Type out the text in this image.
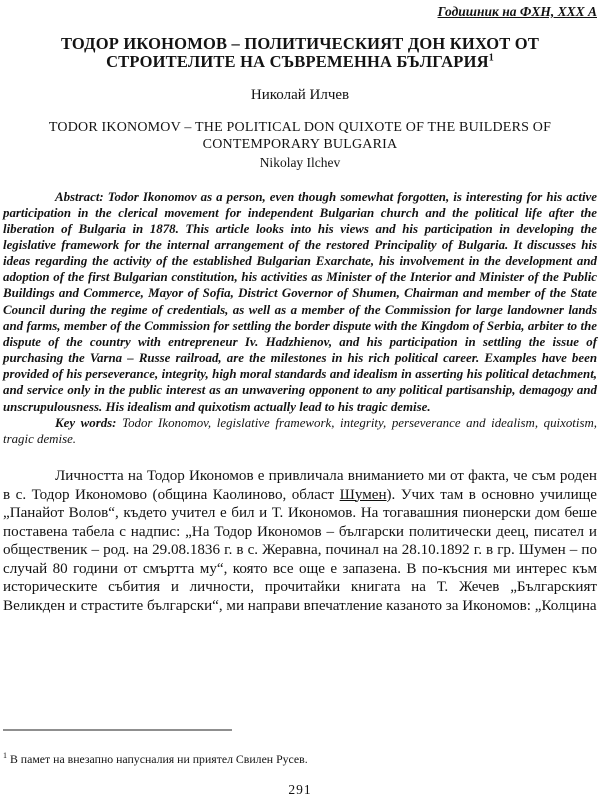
Годишник на ФХН, XXX А
ТОДОР ИКОНОМОВ – ПОЛИТИЧЕСКИЯТ ДОН КИХОТ ОТ СТРОИТЕЛИТЕ НА СЪВРЕМЕННА БЪЛГАРИЯ$^1$
Николай Илчев
TODOR IKONOMOV – THE POLITICAL DON QUIXOTE OF THE BUILDERS OF CONTEMPORARY BULGARIA
Nikolay Ilchev

Abstract: Todor Ikonomov as a person, even though somewhat forgotten, is interesting for his active participation in the clerical movement for independent Bulgarian church and the political life after the liberation of Bulgaria in 1878. This article looks into his views and his participation in developing the legislative framework for the internal arrangement of the restored Principality of Bulgaria. It discusses his ideas regarding the activity of the established Bulgarian Exarchate, his involvement in the development and adoption of the first Bulgarian constitution, his activities as Minister of the Interior and Minister of the Public Buildings and Commerce, Mayor of Sofia, District Governor of Shumen, Chairman and member of the State Council during the regime of credentials, as well as a member of the Commission for large landowner lands and farms, member of the Commission for settling the border dispute with the Kingdom of Serbia, arbiter to the dispute of the country with entrepreneur Iv. Hadzhienov, and his participation in settling the issue of purchasing the Varna – Russe railroad, are the milestones in his rich political career. Examples have been provided of his perseverance, integrity, high moral standards and idealism in asserting his political detachment, and service only in the public interest as an unwavering opponent to any political partisanship, demagogy and unscrupulousness. His idealism and quixotism actually lead to his tragic demise.

Key words: Todor Ikonomov, legislative framework, integrity, perseverance and idealism, quixotism, tragic demise.

Личността на Тодор Икономов е привличала вниманието ми от факта, че съм роден в с. Тодор Икономово (община Каолиново, област Шумен). Учих там в основно училище „Панайот Волов“, където учител е бил и Т. Икономов. На тогавашния пионерски дом беше поставена табела с надпис: „На Тодор Икономов – български политически деец, писател и общественик – род. на 29.08.1836 г. в с. Жеравна, починал на 28.10.1892 г. в гр. Шумен – по случай 80 години от смъртта му“, която все още е запазена. В по-късния ми интерес към историческите събития и личности, прочитайки книгата на Т. Жечев „Българският Великден и страстите български“, ми направи впечатление казаното за Икономов: „Колцина

$^1$ В памет на внезапно напусналия ни приятел Свилен Русев.

291
